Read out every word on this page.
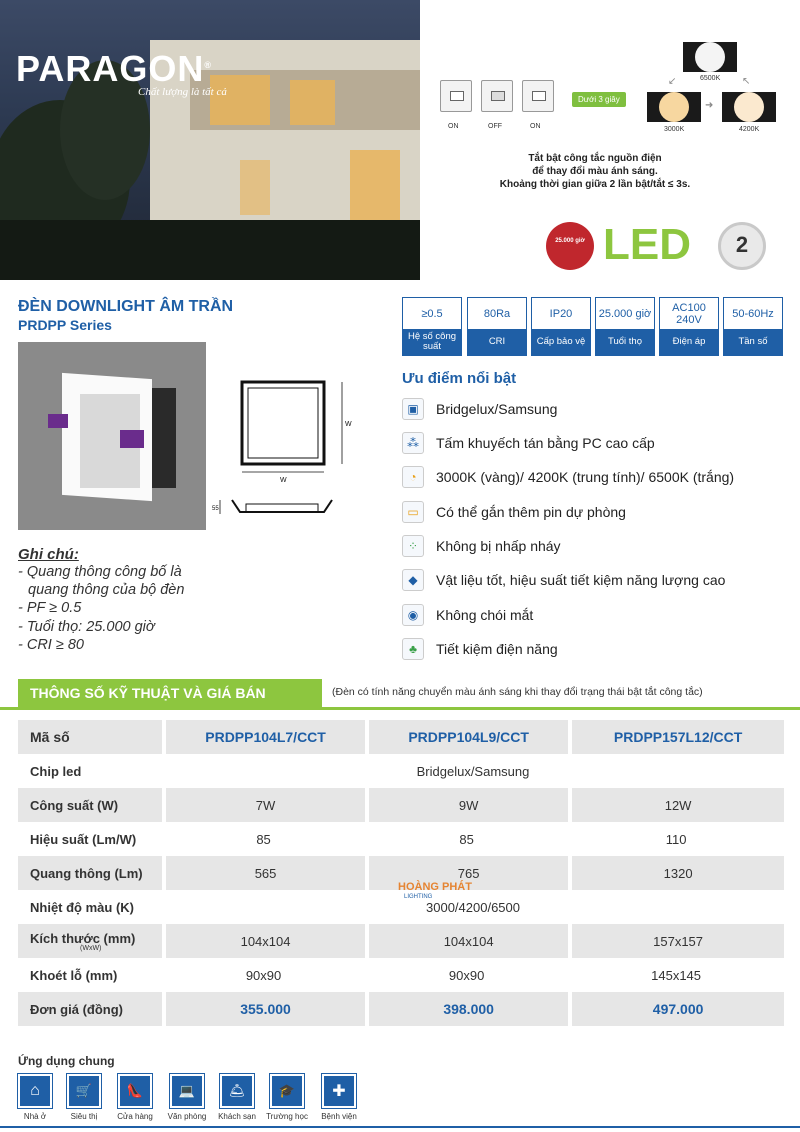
PARAGON®
Chất lượng là tất cả
ON	OFF	ON
Dưới 3 giây
6500K
3000K	4200K
↙	↖
➜
Tắt bật công tắc nguồn điện
để thay đổi màu ánh sáng.
Khoảng thời gian giữa 2 lần bật/tắt ≤ 3s.
25.000 giờ LED	2
ĐÈN DOWNLIGHT ÂM TRẦN
PRDPP Series
≥0.5
Hệ số công suất
80Ra
CRI
IP20
Cấp bảo vệ
25.000 giờ
Tuổi thọ
AC100 240V
Điện áp
50-60Hz
Tần số
W
W
55
Ưu điểm nổi bật
▣	Bridgelux/Samsung
⁂	Tấm khuyếch tán bằng PC cao cấp
◔	3000K (vàng)/ 4200K (trung tính)/ 6500K (trắng)
▭	Có thể gắn thêm pin dự phòng
⁘	Không bị nhấp nháy
◆	Vật liệu tốt, hiệu suất tiết kiệm năng lượng cao
◉	Không chói mắt
♣	Tiết kiệm điện năng
Ghi chú:
- Quang thông công bố là
quang thông của bộ đèn
- PF ≥ 0.5
- Tuổi thọ: 25.000 giờ
- CRI ≥ 80
THÔNG SỐ KỸ THUẬT VÀ GIÁ BÁN	(Đèn có tính năng chuyển màu ánh sáng khi thay đổi trạng thái bật tắt công tắc)
Mã số	PRDPP104L7/CCT	PRDPP104L9/CCT	PRDPP157L12/CCT
Chip led	Bridgelux/Samsung		
Công suất (W)	7W	9W	12W
Hiệu suất (Lm/W)	85	85	110
Quang thông (Lm)	565	765	1320
Nhiệt độ màu (K)	3000/4200/6500		
Kích thước (mm)
(WxW)	104x104	104x104	157x157
Khoét lỗ (mm)	90x90	90x90	145x145
Đơn giá (đồng)	355.000	398.000	497.000
HOÀNG PHÁT
LIGHTING
Ứng dụng chung
⌂
Nhà ở
🛒
Siêu thị
👠
Cửa hàng
💻
Văn phòng
🛎
Khách sạn
🎓
Trường học
✚
Bệnh viện
